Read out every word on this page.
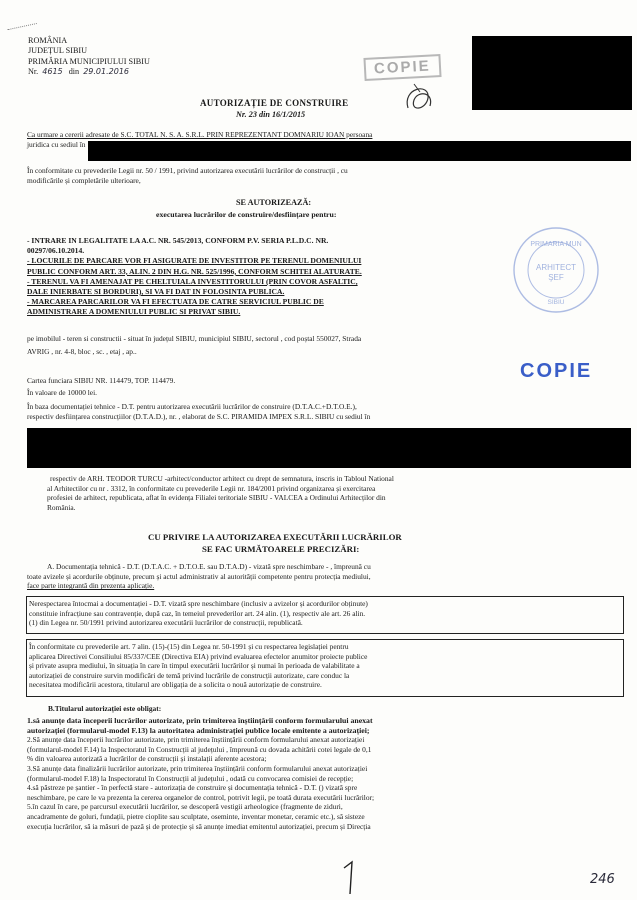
ROMÂNIA
JUDEȚUL SIBIU
PRIMĂRIA MUNICIPIULUI SIBIU
Nr. 4615 din 29.01.2016	COPIE
AUTORIZAȚIE DE CONSTRUIRE
Nr. 23 din 16/1/2015

Ca urmare a cererii adresate de S.C. TOTAL N. S. A. S.R.L. PRIN REPREZENTANT DOMNARIU IOAN persoana

juridica cu sediul în

În conformitate cu prevederile Legii nr. 50 / 1991, privind autorizarea executării lucrărilor de construcții , cu

modificările și completările ulterioare,

SE AUTORIZEAZĂ:
executarea lucrărilor de construire/desființare pentru:

- INTRARE IN LEGALITATE LA A.C. NR. 545/2013, CONFORM P.V. SERIA P.L.D.C. NR.

00297/06.10.2014.

- LOCURILE DE PARCARE VOR FI ASIGURATE DE INVESTITOR PE TERENUL DOMENIULUI

PUBLIC CONFORM ART. 33, ALIN. 2 DIN H.G. NR. 525/1996, CONFORM SCHITEI ALATURATE.

- TERENUL VA FI AMENAJAT PE CHELTUIALA INVESTITORULUI (PRIN COVOR ASFALTIC,

DALE INIERBATE SI BORDURI), SI VA FI DAT IN FOLOSINTA PUBLICA.

- MARCAREA PARCARILOR VA FI EFECTUATA DE CATRE SERVICIUL PUBLIC DE

ADMINISTRARE A DOMENIULUI PUBLIC SI PRIVAT SIBIU.

PRIMARIA MUN
ARHITECT
ŞEF
SIBIU

pe imobilul - teren si constructii - situat în județul SIBIU, municipiul SIBIU, sectorul , cod poștal 550027, Strada

AVRIG , nr. 4-8, bloc , sc. , etaj , ap..

COPIE

Cartea funciara SIBIU NR. 114479, TOP. 114479.

În valoare de 10000 lei.

În baza documentației tehnice - D.T. pentru autorizarea executării lucrărilor de construire (D.T.A.C.+D.T.O.E.),

respectiv desființarea construcțiilor (D.T.A.D.), nr. , elaborat de S.C. PIRAMIDA IMPEX S.R.L. SIBIU cu sediul în

respectiv de ARH. TEODOR TURCU -arhitect/conductor arhitect cu drept de semnatura, inscris in Tabloul National

al Arhitectilor cu nr . 3312, în conformitate cu prevederile Legii nr. 184/2001 privind organizarea și exercitarea

profesiei de arhitect, republicata, aflat în evidența Filialei teritoriale SIBIU - VALCEA a Ordinului Arhitecților din

România.

CU PRIVIRE LA AUTORIZAREA EXECUTĂRII LUCRĂRILOR
SE FAC URMĂTOARELE PRECIZĂRI:

A. Documentația tehnică - D.T. (D.T.A.C. + D.T.O.E. sau D.T.A.D) - vizată spre neschimbare - , împreună cu

toate avizele și acordurile obținute, precum și actul administrativ al autorității competente pentru protecția mediului,

face parte integrantă din prezenta aplicație.

Nerespectarea întocmai a documentației - D.T. vizată spre neschimbare (inclusiv a avizelor și acordurilor obținute)

constituie infracțiune sau contravenție, după caz, în temeiul prevederilor art. 24 alin. (1), respectiv ale art. 26 alin.

(1) din Legea nr. 50/1991 privind autorizarea executării lucrărilor de construcții, republicată.

În conformitate cu prevederile art. 7 alin. (15)-(15) din Legea nr. 50-1991 și cu respectarea legislației pentru

aplicarea Directivei Consiliului 85/337/CEE (Directiva EIA) privind evaluarea efectelor anumitor proiecte publice

și private asupra mediului, în situația în care în timpul executării lucrărilor și numai în perioada de valabilitate a

autorizației de construire survin modificări de temă privind lucrările de construcții autorizate, care conduc la

necesitatea modificării acestora, titularul are obligația de a solicita o nouă autorizație de construire.

B.Titularul autorizației este obligat:

1.să anunțe data începerii lucrărilor autorizate, prin trimiterea înștiințării conform formularului anexat

autorizației (formularul-model F.13) la autoritatea administrației publice locale emitente a autorizației;

2.Să anunțe data începerii lucrărilor autorizate, prin trimiterea înștiințării conform formularului anexat autorizației

(formularul-model F.14) la Inspectoratul în Construcții al județului , împreună cu dovada achitării cotei legale de 0,1

% din valoarea autorizată a lucrărilor de construcții și instalații aferente acestora;

3.Să anunțe data finalizării lucrărilor autorizate, prin trimiterea înștiințării conform formularului anexat autorizației

(formularul-model F.18) la Inspectoratul în Construcții al județului , odată cu convocarea comisiei de recepție;

4.să păstreze pe șantier - în perfectă stare - autorizația de construire și documentația tehnică - D.T. () vizată spre

neschimbare, pe care le va prezenta la cererea organelor de control, potrivit legii, pe toată durata executării lucrărilor;

5.în cazul în care, pe parcursul executării lucrărilor, se descoperă vestigii arheologice (fragmente de ziduri,

ancadramente de goluri, fundații, pietre cioplite sau sculptate, oseminte, inventar monetar, ceramic etc.), să sisteze

execuția lucrărilor, să ia măsuri de pază și de protecție și să anunțe imediat emitentul autorizației, precum și Direcția

246
